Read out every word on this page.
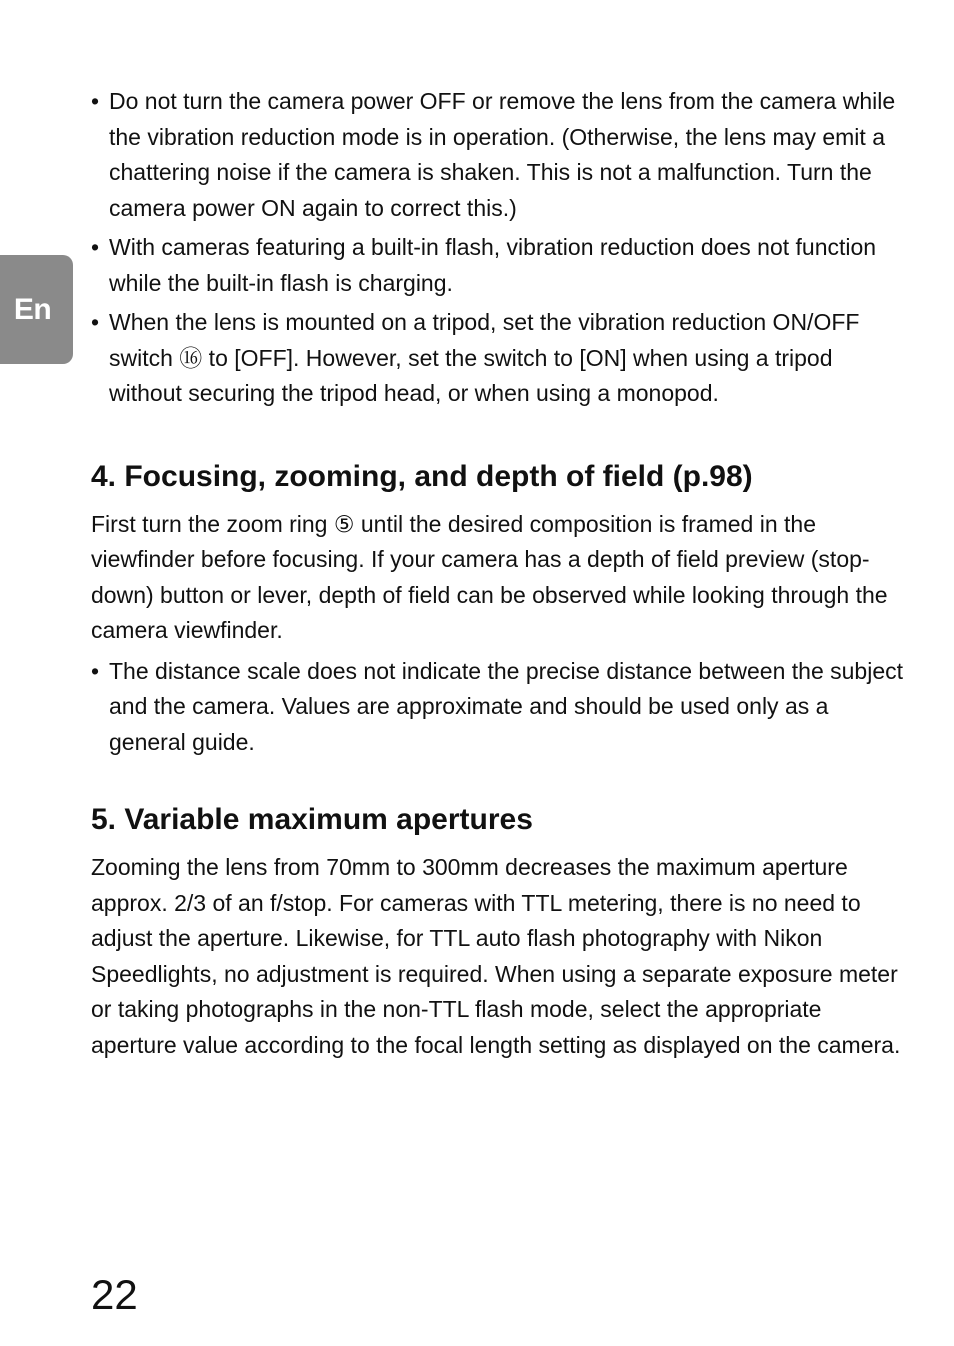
En
• Do not turn the camera power OFF or remove the lens from the camera while the vibration reduction mode is in operation. (Otherwise, the lens may emit a chattering noise if the camera is shaken. This is not a malfunction. Turn the camera power ON again to correct this.)
• With cameras featuring a built-in flash, vibration reduction does not function while the built-in flash is charging.
• When the lens is mounted on a tripod, set the vibration reduction ON/OFF switch ⑯ to [OFF]. However, set the switch to [ON] when using a tripod without securing the tripod head, or when using a monopod.
4. Focusing, zooming, and depth of field (p.98)

First turn the zoom ring ⑤ until the desired composition is framed in the viewfinder before focusing. If your camera has a depth of field preview (stop-down) button or lever, depth of field can be observed while looking through the camera viewfinder.

• The distance scale does not indicate the precise distance between the subject and the camera. Values are approximate and should be used only as a general guide.
5. Variable maximum apertures

Zooming the lens from 70mm to 300mm decreases the maximum aperture approx. 2/3 of an f/stop. For cameras with TTL metering, there is no need to adjust the aperture. Likewise, for TTL auto flash photography with Nikon Speedlights, no adjustment is required. When using a separate exposure meter or taking photographs in the non-TTL flash mode, select the appropriate aperture value according to the focal length setting as displayed on the camera.

22
